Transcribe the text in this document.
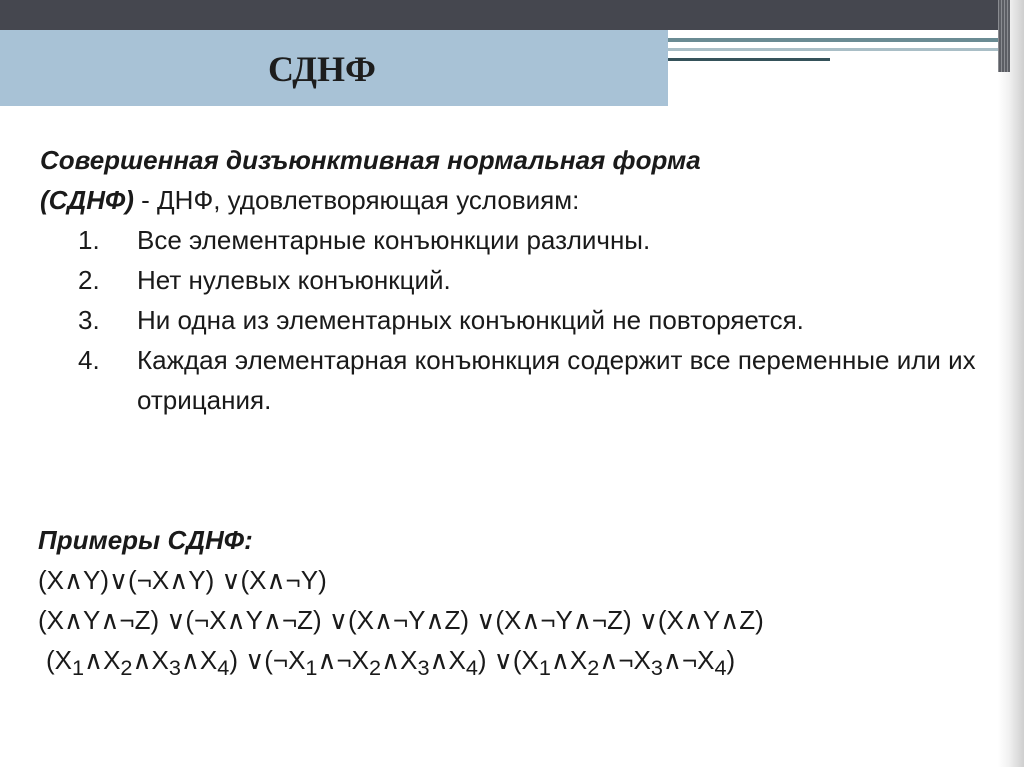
СДНФ

Совершенная дизъюнктивная нормальная форма
(СДНФ) - ДНФ, удовлетворяющая условиям:

1. Все элементарные конъюнкции различны.
2. Нет нулевых конъюнкций.
3. Ни одна из элементарных конъюнкций не повторяется.
4. Каждая элементарная конъюнкция содержит все переменные или их отрицания.

Примеры СДНФ:

(X∧Y)∨(¬X∧Y) ∨(X∧¬Y)

(X∧Y∧¬Z) ∨(¬X∧Y∧¬Z) ∨(X∧¬Y∧Z) ∨(X∧¬Y∧¬Z) ∨(X∧Y∧Z)

$(X_1\wedge X_2\wedge X_3\wedge X_4)$ $\vee(\neg X_1\wedge\neg X_2\wedge X_3\wedge X_4)$ $\vee(X_1\wedge X_2\wedge\neg X_3\wedge\neg X_4)$
